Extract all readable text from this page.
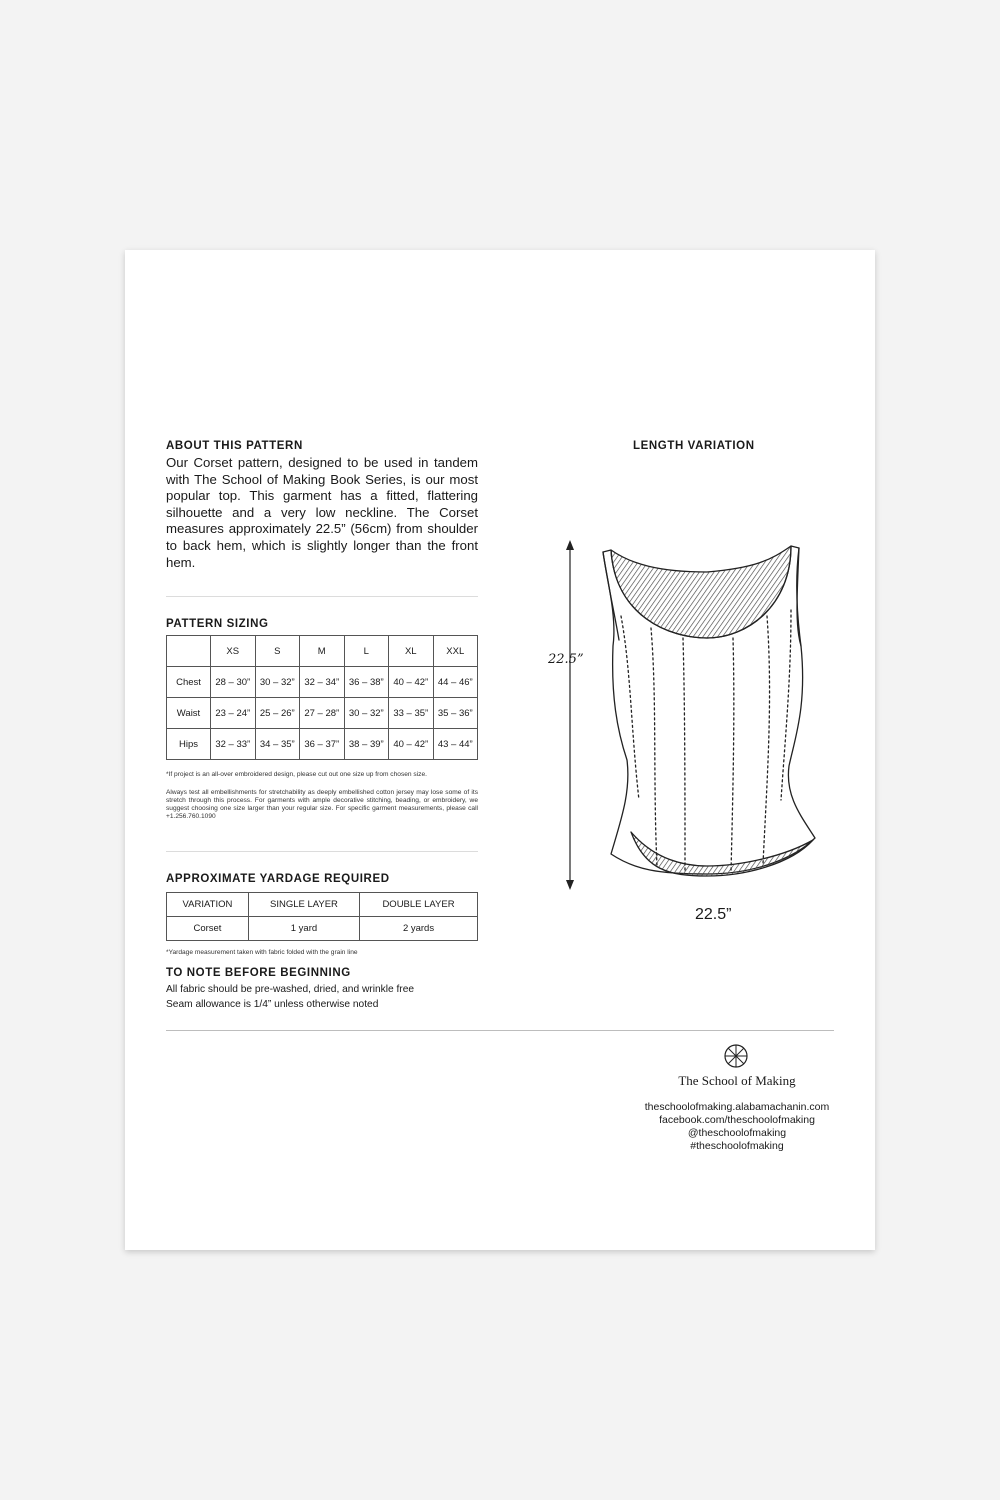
ABOUT THIS PATTERN

Our Corset pattern, designed to be used in tandem with The School of Making Book Series, is our most popular top. This garment has a fitted, flattering silhouette and a very low neckline. The Corset measures approximately 22.5” (56cm) from shoulder to back hem, which is slightly longer than the front hem.

PATTERN SIZING
	XS	S	M	L	XL	XXL
Chest	28 – 30”	30 – 32”	32 – 34”	36 – 38”	40 – 42”	44 – 46”
Waist	23 – 24”	25 – 26”	27 – 28”	30 – 32”	33 – 35”	35 – 36”
Hips	32 – 33”	34 – 35”	36 – 37”	38 – 39”	40 – 42”	43 – 44”

*If project is an all-over embroidered design, please cut out one size up from chosen size.

Always test all embellishments for stretchability as deeply embellished cotton jersey may lose some of its stretch through this process. For garments with ample decorative stitching, beading, or embroidery, we suggest choosing one size larger than your regular size. For specific garment measurements, please call +1.256.760.1090

APPROXIMATE YARDAGE REQUIRED
VARIATION	SINGLE LAYER	DOUBLE LAYER
Corset	1 yard	2 yards

*Yardage measurement taken with fabric folded with the grain line

TO NOTE BEFORE BEGINNING
All fabric should be pre-washed, dried, and wrinkle free
Seam allowance is 1/4” unless otherwise noted
LENGTH VARIATION

22.5”

22.5”

The School of Making

theschoolofmaking.alabamachanin.com
facebook.com/theschoolofmaking
@theschoolofmaking
#theschoolofmaking
